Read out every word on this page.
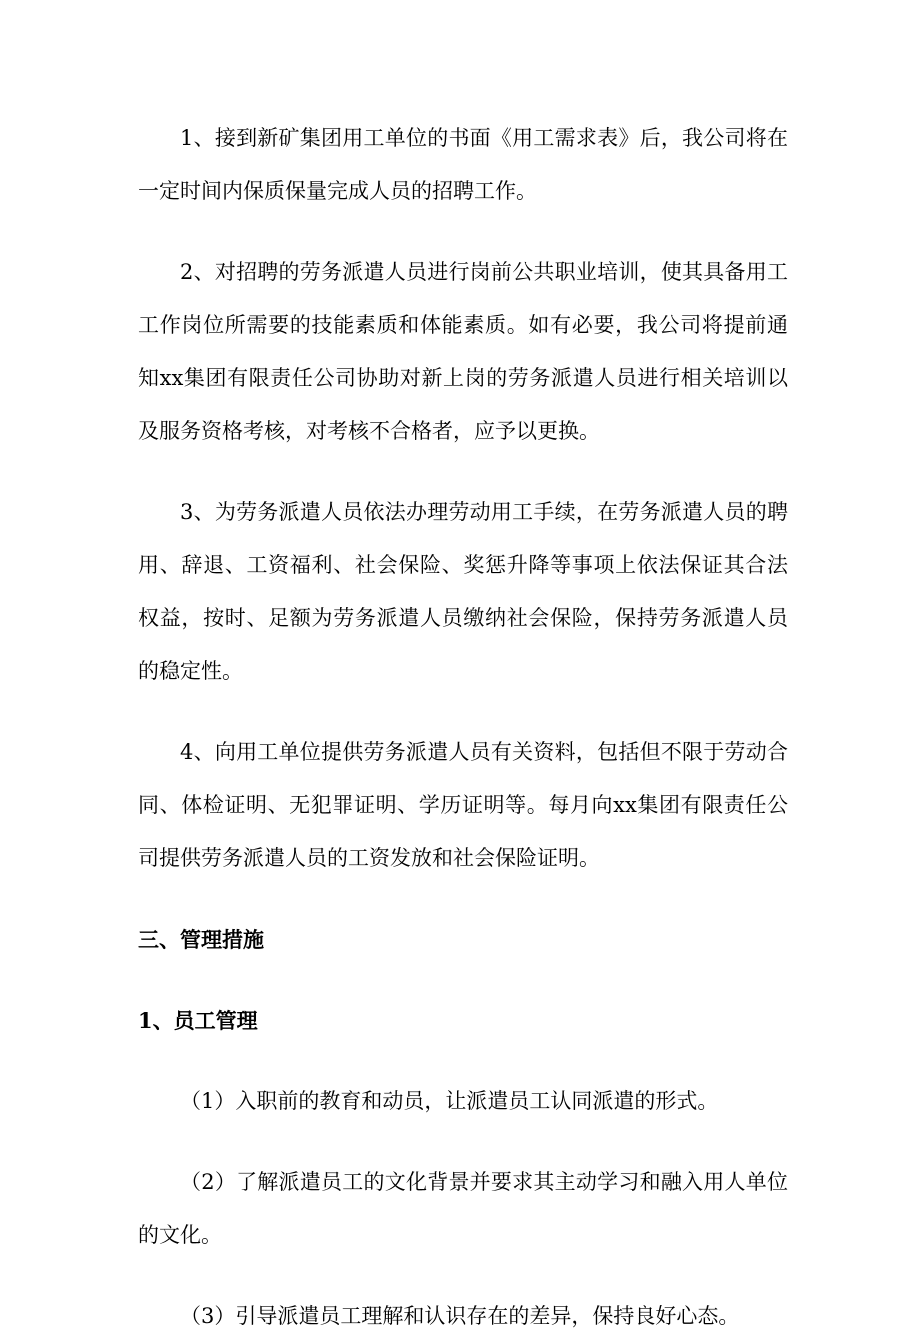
1、接到新矿集团用工单位的书面《用工需求表》后，我公司将在一定时间内保质保量完成人员的招聘工作。

2、对招聘的劳务派遣人员进行岗前公共职业培训，使其具备用工工作岗位所需要的技能素质和体能素质。如有必要，我公司将提前通知xx集团有限责任公司协助对新上岗的劳务派遣人员进行相关培训以及服务资格考核，对考核不合格者，应予以更换。

3、为劳务派遣人员依法办理劳动用工手续，在劳务派遣人员的聘用、辞退、工资福利、社会保险、奖惩升降等事项上依法保证其合法权益，按时、足额为劳务派遣人员缴纳社会保险，保持劳务派遣人员的稳定性。

4、向用工单位提供劳务派遣人员有关资料，包括但不限于劳动合同、体检证明、无犯罪证明、学历证明等。每月向xx集团有限责任公司提供劳务派遣人员的工资发放和社会保险证明。

三、管理措施

1、员工管理

（1）入职前的教育和动员，让派遣员工认同派遣的形式。

（2）了解派遣员工的文化背景并要求其主动学习和融入用人单位的文化。

（3）引导派遣员工理解和认识存在的差异，保持良好心态。
